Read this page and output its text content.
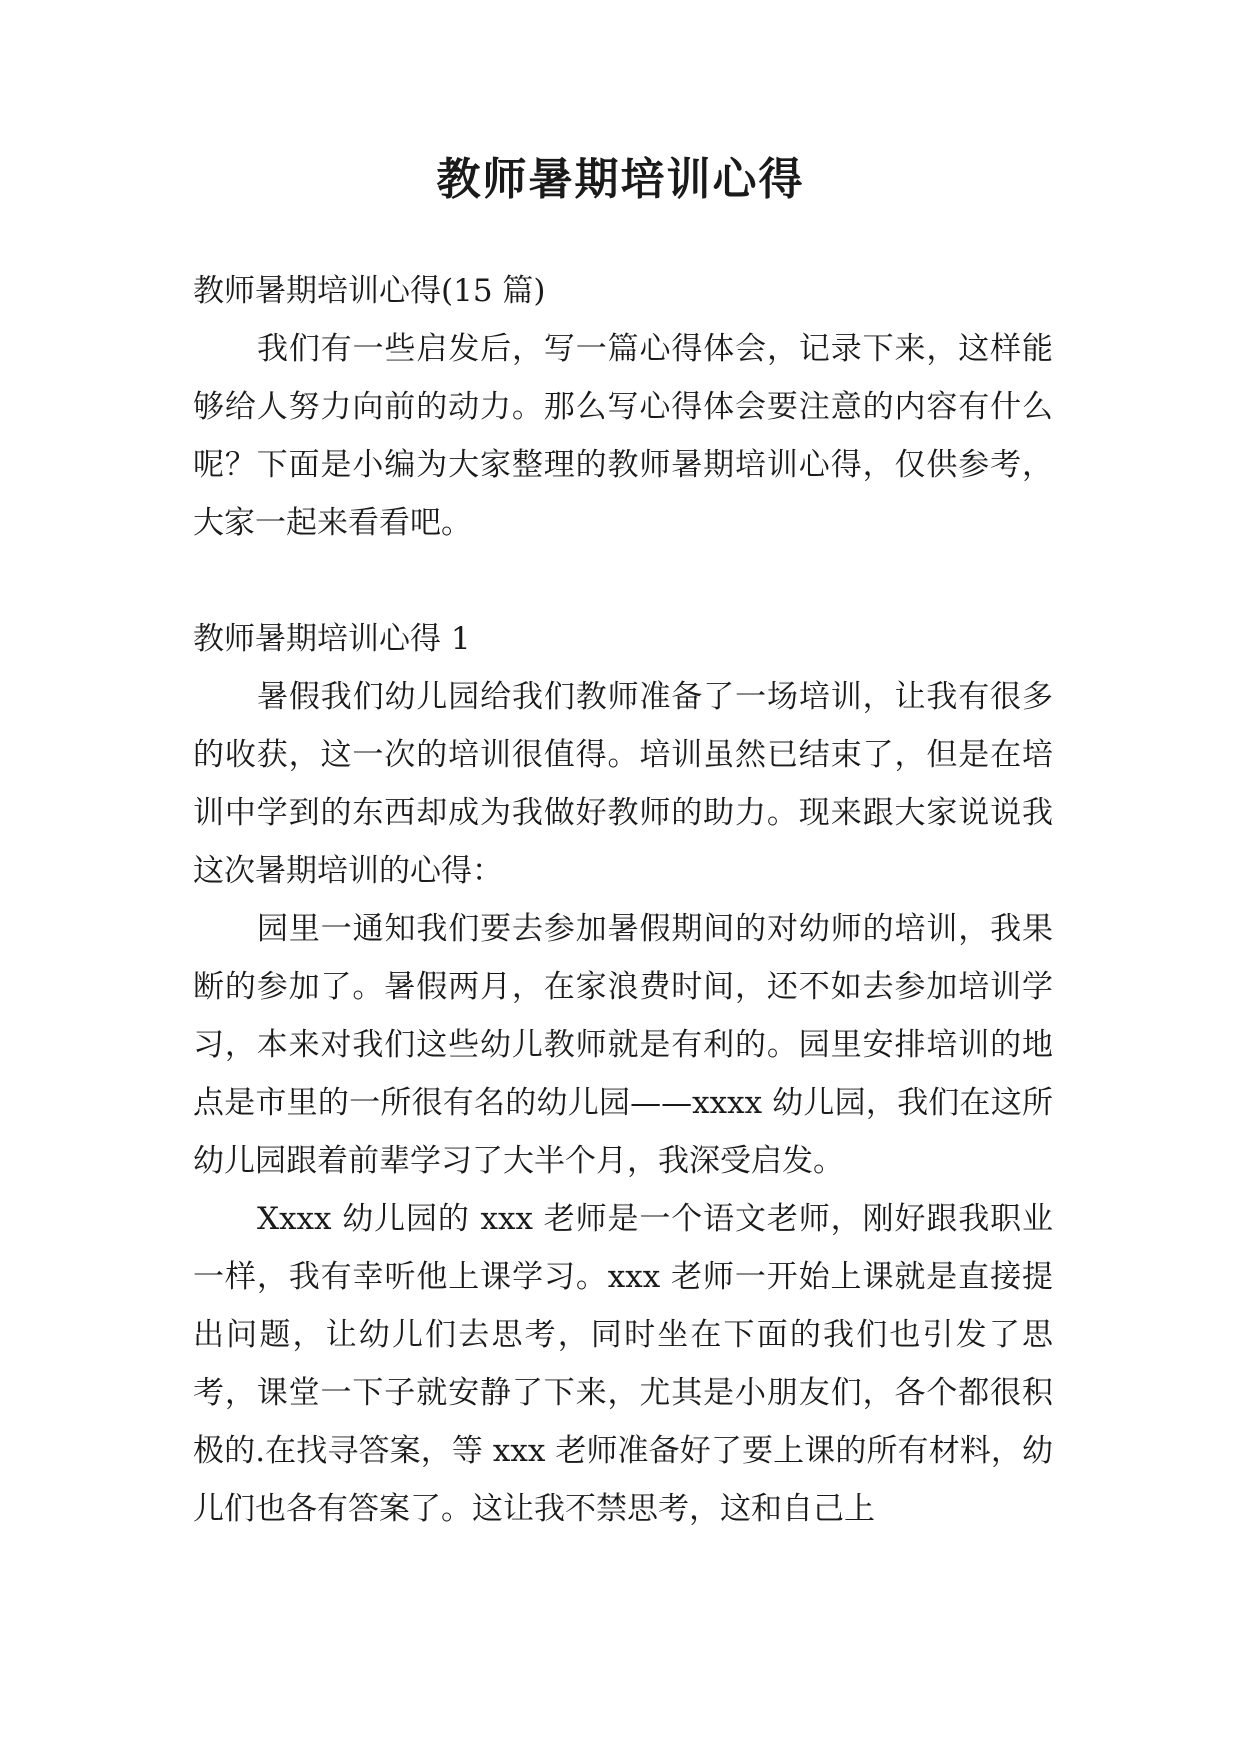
教师暑期培训心得

教师暑期培训心得(15 篇)

我们有一些启发后，写一篇心得体会，记录下来，这样能够给人努力向前的动力。那么写心得体会要注意的内容有什么呢？下面是小编为大家整理的教师暑期培训心得，仅供参考，大家一起来看看吧。

教师暑期培训心得 1

暑假我们幼儿园给我们教师准备了一场培训，让我有很多的收获，这一次的培训很值得。培训虽然已结束了，但是在培训中学到的东西却成为我做好教师的助力。现来跟大家说说我这次暑期培训的心得：

园里一通知我们要去参加暑假期间的对幼师的培训，我果断的参加了。暑假两月，在家浪费时间，还不如去参加培训学习，本来对我们这些幼儿教师就是有利的。园里安排培训的地点是市里的一所很有名的幼儿园——xxxx 幼儿园，我们在这所幼儿园跟着前辈学习了大半个月，我深受启发。

Xxxx 幼儿园的 xxx 老师是一个语文老师，刚好跟我职业一样，我有幸听他上课学习。xxx 老师一开始上课就是直接提出问题，让幼儿们去思考，同时坐在下面的我们也引发了思考，课堂一下子就安静了下来，尤其是小朋友们，各个都很积极的.在找寻答案，等 xxx 老师准备好了要上课的所有材料，幼儿们也各有答案了。这让我不禁思考，这和自己上
